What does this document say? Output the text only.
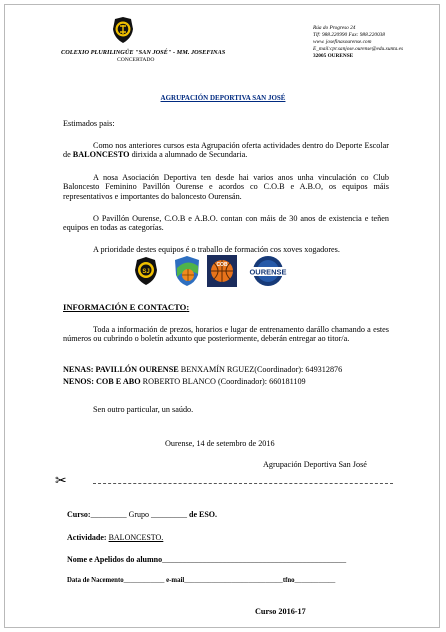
COLEXIO PLURILINGÜE "SAN JOSÉ" - MM. JOSEFINAS
CONCERTADO
Rúa do Progreso 24
Tlf: 988.220990 Fax: 988.220038
www. josefinasourense.com
E_mail:cpr.sanjose.ourense@edu.xunta.es
32005 OURENSE
AGRUPACIÓN DEPORTIVA SAN JOSÉ
Estimados pais:
Como nos anteriores cursos esta Agrupación oferta actividades dentro do Deporte Escolar de BALONCESTO dirixida a alumnado de Secundaria.
A nosa Asociación Deportiva ten desde hai varios anos unha vinculación co Club Baloncesto Feminino Pavillón Ourense e acordos co C.O.B e A.B.O, os equipos máis representativos e importantes do baloncesto Ourensán.
O Pavillón Ourense, C.O.B e A.B.O. contan con máis de 30 anos de existencia e teñen equipos en todas as categorías.
A prioridade destes equipos é o traballo de formación cos xoves xogadores.
SJ
COB
OURENSE
INFORMACIÓN E CONTACTO:
Toda a información de prezos, horarios e lugar de entrenamento darállo chamando a estes números ou cubrindo o boletín adxunto que posteriormente, deberán entregar ao titor/a.
NENAS: PAVILLÓN OURENSE BENXAMÍN RGUEZ(Coordinador): 649312876
NENOS: COB E ABO ROBERTO BLANCO (Coordinador): 660181109
Sen outro particular, un saúdo.
Ourense, 14 de setembro de 2016
Agrupación Deportiva San José
✂
Curso:_________ Grupo _________ de ESO.
Actividade: BALONCESTO.
Nome e Apelidos do alumno______________________________________________
Data de Nacemento____________ e-mail_____________________________tfno____________
Curso 2016-17
